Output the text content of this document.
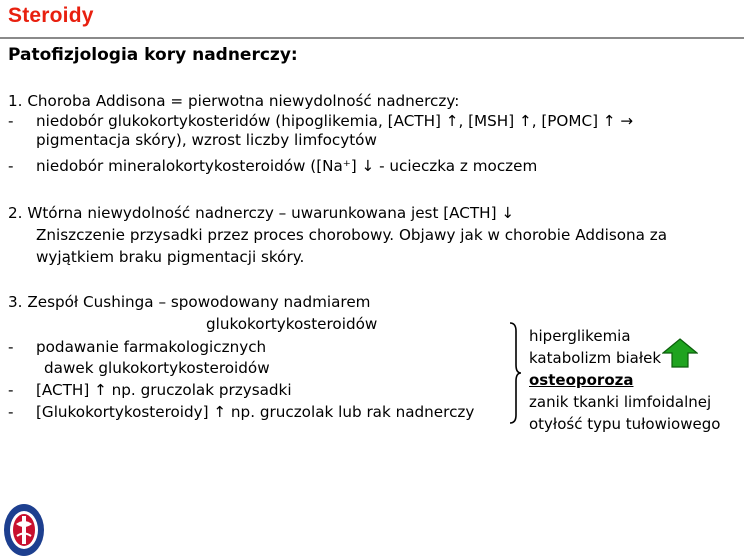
Steroidy
Patofizjologia kory nadnerczy:
1. Choroba Addisona = pierwotna niewydolność nadnerczy:
-	niedobór glukokortykosteridów (hipoglikemia, [ACTH] ↑, [MSH] ↑, [POMC] ↑ →
pigmentacja skóry), wzrost liczby limfocytów
-	niedobór mineralokortykosteroidów ([Na⁺] ↓ - ucieczka z moczem
2. Wtórna niewydolność nadnerczy – uwarunkowana jest [ACTH] ↓
Zniszczenie przysadki przez proces chorobowy. Objawy jak w chorobie Addisona za
wyjątkiem braku pigmentacji skóry.
3. Zespół Cushinga – spowodowany nadmiarem
glukokortykosteroidów
-	podawanie farmakologicznych
dawek glukokortykosteroidów
-	[ACTH] ↑ np. gruczolak przysadki
-	[Glukokortykosteroidy] ↑ np. gruczolak lub rak nadnerczy
hiperglikemia
katabolizm białek
osteoporoza
zanik tkanki limfoidalnej
otyłość typu tułowiowego
